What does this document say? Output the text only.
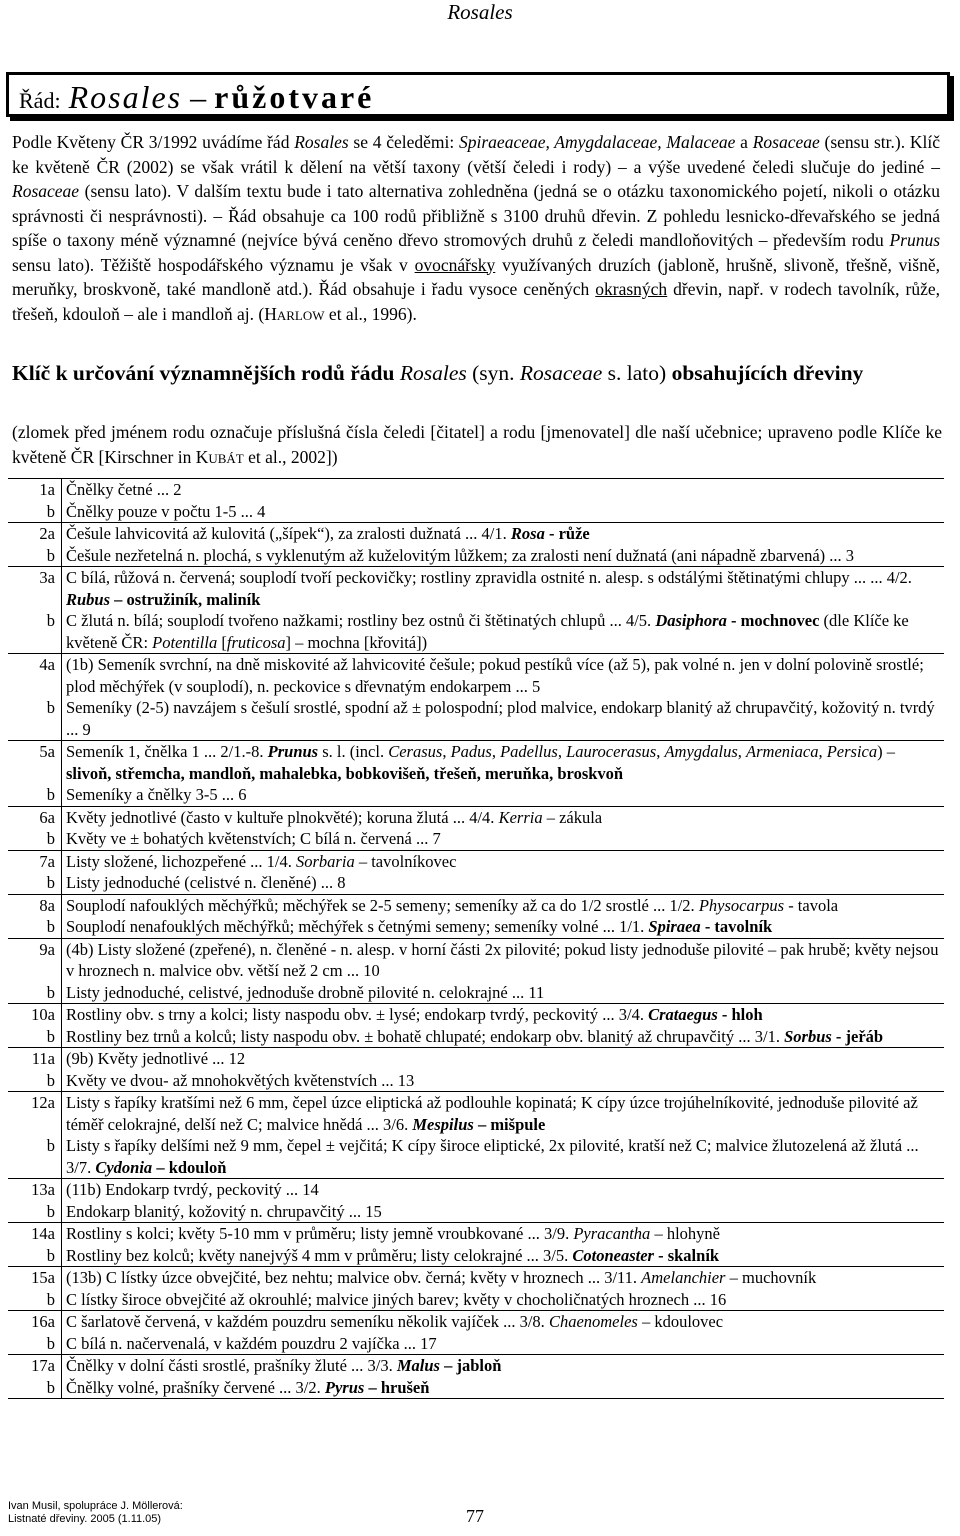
Rosales
Řád: Rosales – růžotvaré
Podle Květeny ČR 3/1992 uvádíme řád Rosales se 4 čeleděmi: Spiraeaceae, Amygdalaceae, Malaceae a Rosaceae (sensu str.). Klíč ke květeně ČR (2002) se však vrátil k dělení na větší taxony (větší čeledi i rody) – a výše uvedené čeledi slučuje do jediné – Rosaceae (sensu lato). V dalším textu bude i tato alternativa zohledněna (jedná se o otázku taxonomického pojetí, nikoli o otázku správnosti či nesprávnosti). – Řád obsahuje ca 100 rodů přibližně s 3100 druhů dřevin. Z pohledu lesnicko-dřevařského se jedná spíše o taxony méně významné (nejvíce bývá ceněno dřevo stromových druhů z čeledi mandloňovitých – především rodu Prunus sensu lato). Těžiště hospodářského významu je však v ovocnářsky využívaných druzích (jabloně, hrušně, slivoně, třešně, višně, meruňky, broskvoně, také mandloně atd.). Řád obsahuje i řadu vysoce ceněných okrasných dřevin, např. v rodech tavolník, růže, třešeň, kdouloň – ale i mandloň aj. (HARLOW et al., 1996).
Klíč k určování významnějších rodů řádu Rosales (syn. Rosaceae s. lato) obsahujících dřeviny
(zlomek před jménem rodu označuje příslušná čísla čeledi [čitatel] a rodu [jmenovatel] dle naší učebnice; upraveno podle Klíče ke květeně ČR [Kirschner in KUBÁT et al., 2002])
1a	Čnělky četné ... 2
b	Čnělky pouze v počtu 1-5 ... 4
2a	Češule lahvicovitá až kulovitá („šípek“), za zralosti dužnatá ... 4/1. Rosa - růže
b	Češule nezřetelná n. plochá, s vyklenutým až kuželovitým lůžkem; za zralosti není dužnatá (ani nápadně zbarvená) ... 3
3a	C bílá, růžová n. červená; souplodí tvoří peckovičky; rostliny zpravidla ostnité n. alesp. s odstálými štětinatými chlupy ... ... 4/2. Rubus – ostružiník, maliník
b	C žlutá n. bílá; souplodí tvořeno nažkami; rostliny bez ostnů či štětinatých chlupů ... 4/5. Dasiphora - mochnovec (dle Klíče ke květeně ČR: Potentilla [fruticosa] – mochna [křovitá])
4a	(1b) Semeník svrchní, na dně miskovité až lahvicovité češule; pokud pestíků více (až 5), pak volné n. jen v dolní polovině srostlé; plod měchýřek (v souplodí), n. peckovice s dřevnatým endokarpem ... 5
b	Semeníky (2-5) navzájem s češulí srostlé, spodní až ± polospodní; plod malvice, endokarp blanitý až chrupavčitý, kožovitý n. tvrdý ... 9
5a	Semeník 1, čnělka 1 ... 2/1.-8. Prunus s. l. (incl. Cerasus, Padus, Padellus, Laurocerasus, Amygdalus, Armeniaca, Persica) – slivoň, střemcha, mandloň, mahalebka, bobkovišeň, třešeň, meruňka, broskvoň
b	Semeníky a čnělky 3-5 ... 6
6a	Květy jednotlivé (často v kultuře plnokvěté); koruna žlutá ... 4/4. Kerria – zákula
b	Květy ve ± bohatých květenstvích; C bílá n. červená ... 7
7a	Listy složené, lichozpeřené ... 1/4. Sorbaria – tavolníkovec
b	Listy jednoduché (celistvé n. členěné) ... 8
8a	Souplodí nafouklých měchýřků; měchýřek se 2-5 semeny; semeníky až ca do 1/2 srostlé ... 1/2. Physocarpus - tavola
b	Souplodí nenafouklých měchýřků; měchýřek s četnými semeny; semeníky volné ... 1/1. Spiraea - tavolník
9a	(4b) Listy složené (zpeřené), n. členěné - n. alesp. v horní části 2x pilovité; pokud listy jednoduše pilovité – pak hrubě; květy nejsou v hroznech n. malvice obv. větší než 2 cm ... 10
b	Listy jednoduché, celistvé, jednoduše drobně pilovité n. celokrajné ... 11
10a	Rostliny obv. s trny a kolci; listy naspodu obv. ± lysé; endokarp tvrdý, peckovitý ... 3/4. Crataegus - hloh
b	Rostliny bez trnů a kolců; listy naspodu obv. ± bohatě chlupaté; endokarp obv. blanitý až chrupavčitý ... 3/1. Sorbus - jeřáb
11a	(9b) Květy jednotlivé ... 12
b	Květy ve dvou- až mnohokvětých květenstvích ... 13
12a	Listy s řapíky kratšími než 6 mm, čepel úzce eliptická až podlouhle kopinatá; K cípy úzce trojúhelníkovité, jednoduše pilovité až téměř celokrajné, delší než C; malvice hnědá ... 3/6. Mespilus – mišpule
b	Listy s řapíky delšími než 9 mm, čepel ± vejčitá; K cípy široce eliptické, 2x pilovité, kratší než C; malvice žlutozelená až žlutá ... 3/7. Cydonia – kdouloň
13a	(11b) Endokarp tvrdý, peckovitý ... 14
b	Endokarp blanitý, kožovitý n. chrupavčitý ... 15
14a	Rostliny s kolci; květy 5-10 mm v průměru; listy jemně vroubkované ... 3/9. Pyracantha – hlohyně
b	Rostliny bez kolců; květy nanejvýš 4 mm v průměru; listy celokrajné ... 3/5. Cotoneaster - skalník
15a	(13b) C lístky úzce obvejčité, bez nehtu; malvice obv. černá; květy v hroznech ... 3/11. Amelanchier – muchovník
b	C lístky široce obvejčité až okrouhlé; malvice jiných barev; květy v chocholičnatých hroznech ... 16
16a	C šarlatově červená, v každém pouzdru semeníku několik vajíček ... 3/8. Chaenomeles – kdoulovec
b	C bílá n. načervenalá, v každém pouzdru 2 vajíčka ... 17
17a	Čnělky v dolní části srostlé, prašníky žluté ... 3/3. Malus – jabloň
b	Čnělky volné, prašníky červené ... 3/2. Pyrus – hrušeň
Ivan Musil, spolupráce J. Möllerová:
Listnaté dřeviny. 2005 (1.11.05)	77
